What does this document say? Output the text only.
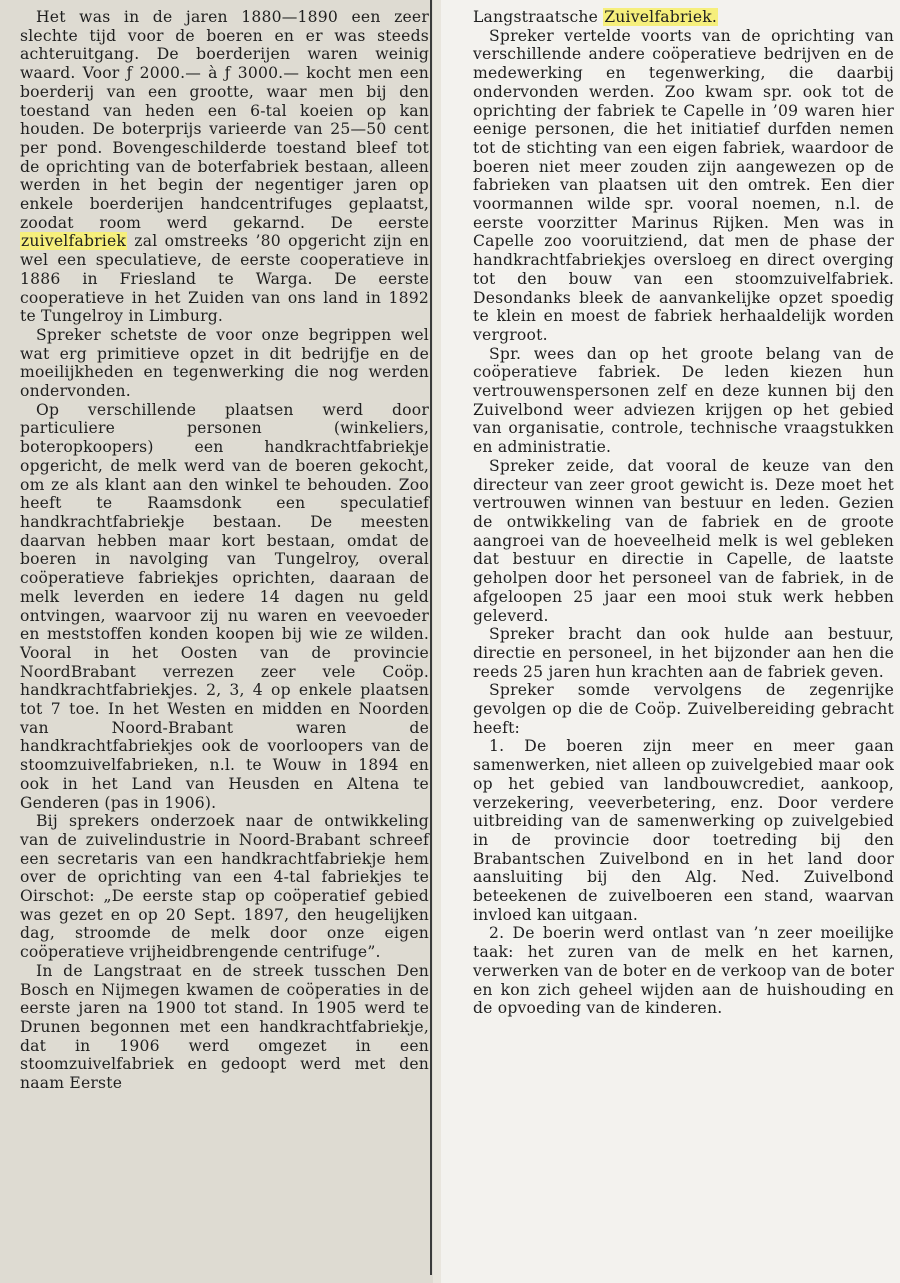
Het was in de jaren 1880—1890 een zeer slechte tijd voor de boeren en er was steeds achteruitgang. De boerderijen waren weinig waard. Voor ƒ 2000.— à ƒ 3000.— kocht men een boerderij van een grootte, waar men bij den toestand van heden een 6-tal koeien op kan houden. De boterprijs varieerde van 25—50 cent per pond. Bovengeschilderde toestand bleef tot de oprichting van de boterfabriek bestaan, alleen werden in het begin der negentiger jaren op enkele boerderijen handcentrifuges geplaatst, zoodat room werd gekarnd. De eerste zuivelfabriek zal omstreeks ’80 opgericht zijn en wel een speculatieve, de eerste cooperatieve in 1886 in Friesland te Warga. De eerste cooperatieve in het Zuiden van ons land in 1892 te Tungelroy in Limburg.

Spreker schetste de voor onze begrippen wel wat erg primitieve opzet in dit bedrijfje en de moeilijkheden en tegenwerking die nog werden ondervonden.

Op verschillende plaatsen werd door particuliere personen (winkeliers, boteropkoopers) een handkrachtfabriekje opgericht, de melk werd van de boeren gekocht, om ze als klant aan den winkel te behouden. Zoo heeft te Raamsdonk een speculatief handkrachtfabriekje bestaan. De meesten daarvan hebben maar kort bestaan, omdat de boeren in navolging van Tungelroy, overal coöperatieve fabriekjes oprichten, daaraan de melk leverden en iedere 14 dagen nu geld ontvingen, waarvoor zij nu waren en veevoeder en meststoffen konden koopen bij wie ze wilden. Vooral in het Oosten van de provincie NoordBrabant verrezen zeer vele Coöp. handkrachtfabriekjes. 2, 3, 4 op enkele plaatsen tot 7 toe. In het Westen en midden en Noorden van Noord-Brabant waren de handkrachtfabriekjes ook de voorloopers van de stoomzuivelfabrieken, n.l. te Wouw in 1894 en ook in het Land van Heusden en Altena te Genderen (pas in 1906).

Bij sprekers onderzoek naar de ontwikkeling van de zuivelindustrie in Noord-Brabant schreef een secretaris van een handkrachtfabriekje hem over de oprichting van een 4-tal fabriekjes te Oirschot: „De eerste stap op coöperatief gebied was gezet en op 20 Sept. 1897, den heugelijken dag, stroomde de melk door onze eigen coöperatieve vrijheidbrengende centrifuge”.

In de Langstraat en de streek tusschen Den Bosch en Nijmegen kwamen de coöperaties in de eerste jaren na 1900 tot stand. In 1905 werd te Drunen begonnen met een handkrachtfabriekje, dat in 1906 werd omgezet in een stoomzuivelfabriek en gedoopt werd met den naam Eerste

Langstraatsche Zuivelfabriek.

Spreker vertelde voorts van de oprichting van verschillende andere coöperatieve bedrijven en de medewerking en tegenwerking, die daarbij ondervonden werden. Zoo kwam spr. ook tot de oprichting der fabriek te Capelle in ’09 waren hier eenige personen, die het initiatief durfden nemen tot de stichting van een eigen fabriek, waardoor de boeren niet meer zouden zijn aangewezen op de fabrieken van plaatsen uit den omtrek. Een dier voormannen wilde spr. vooral noemen, n.l. de eerste voorzitter Marinus Rijken. Men was in Capelle zoo vooruitziend, dat men de phase der handkrachtfabriekjes oversloeg en direct overging tot den bouw van een stoomzuivelfabriek. Desondanks bleek de aanvankelijke opzet spoedig te klein en moest de fabriek herhaaldelijk worden vergroot.

Spr. wees dan op het groote belang van de coöperatieve fabriek. De leden kiezen hun vertrouwenspersonen zelf en deze kunnen bij den Zuivelbond weer adviezen krijgen op het gebied van organisatie, controle, technische vraagstukken en administratie.

Spreker zeide, dat vooral de keuze van den directeur van zeer groot gewicht is. Deze moet het vertrouwen winnen van bestuur en leden. Gezien de ontwikkeling van de fabriek en de groote aangroei van de hoeveelheid melk is wel gebleken dat bestuur en directie in Capelle, de laatste geholpen door het personeel van de fabriek, in de afgeloopen 25 jaar een mooi stuk werk hebben geleverd.

Spreker bracht dan ook hulde aan bestuur, directie en personeel, in het bijzonder aan hen die reeds 25 jaren hun krachten aan de fabriek geven.

Spreker somde vervolgens de zegenrijke gevolgen op die de Coöp. Zuivelbereiding gebracht heeft:

1. De boeren zijn meer en meer gaan samenwerken, niet alleen op zuivelgebied maar ook op het gebied van landbouwcrediet, aankoop, verzekering, veeverbetering, enz. Door verdere uitbreiding van de samenwerking op zuivelgebied in de provincie door toetreding bij den Brabantschen Zuivelbond en in het land door aansluiting bij den Alg. Ned. Zuivelbond beteekenen de zuivelboeren een stand, waarvan invloed kan uitgaan.

2. De boerin werd ontlast van ’n zeer moeilijke taak: het zuren van de melk en het karnen, verwerken van de boter en de verkoop van de boter en kon zich geheel wijden aan de huishouding en de opvoeding van de kinderen.
